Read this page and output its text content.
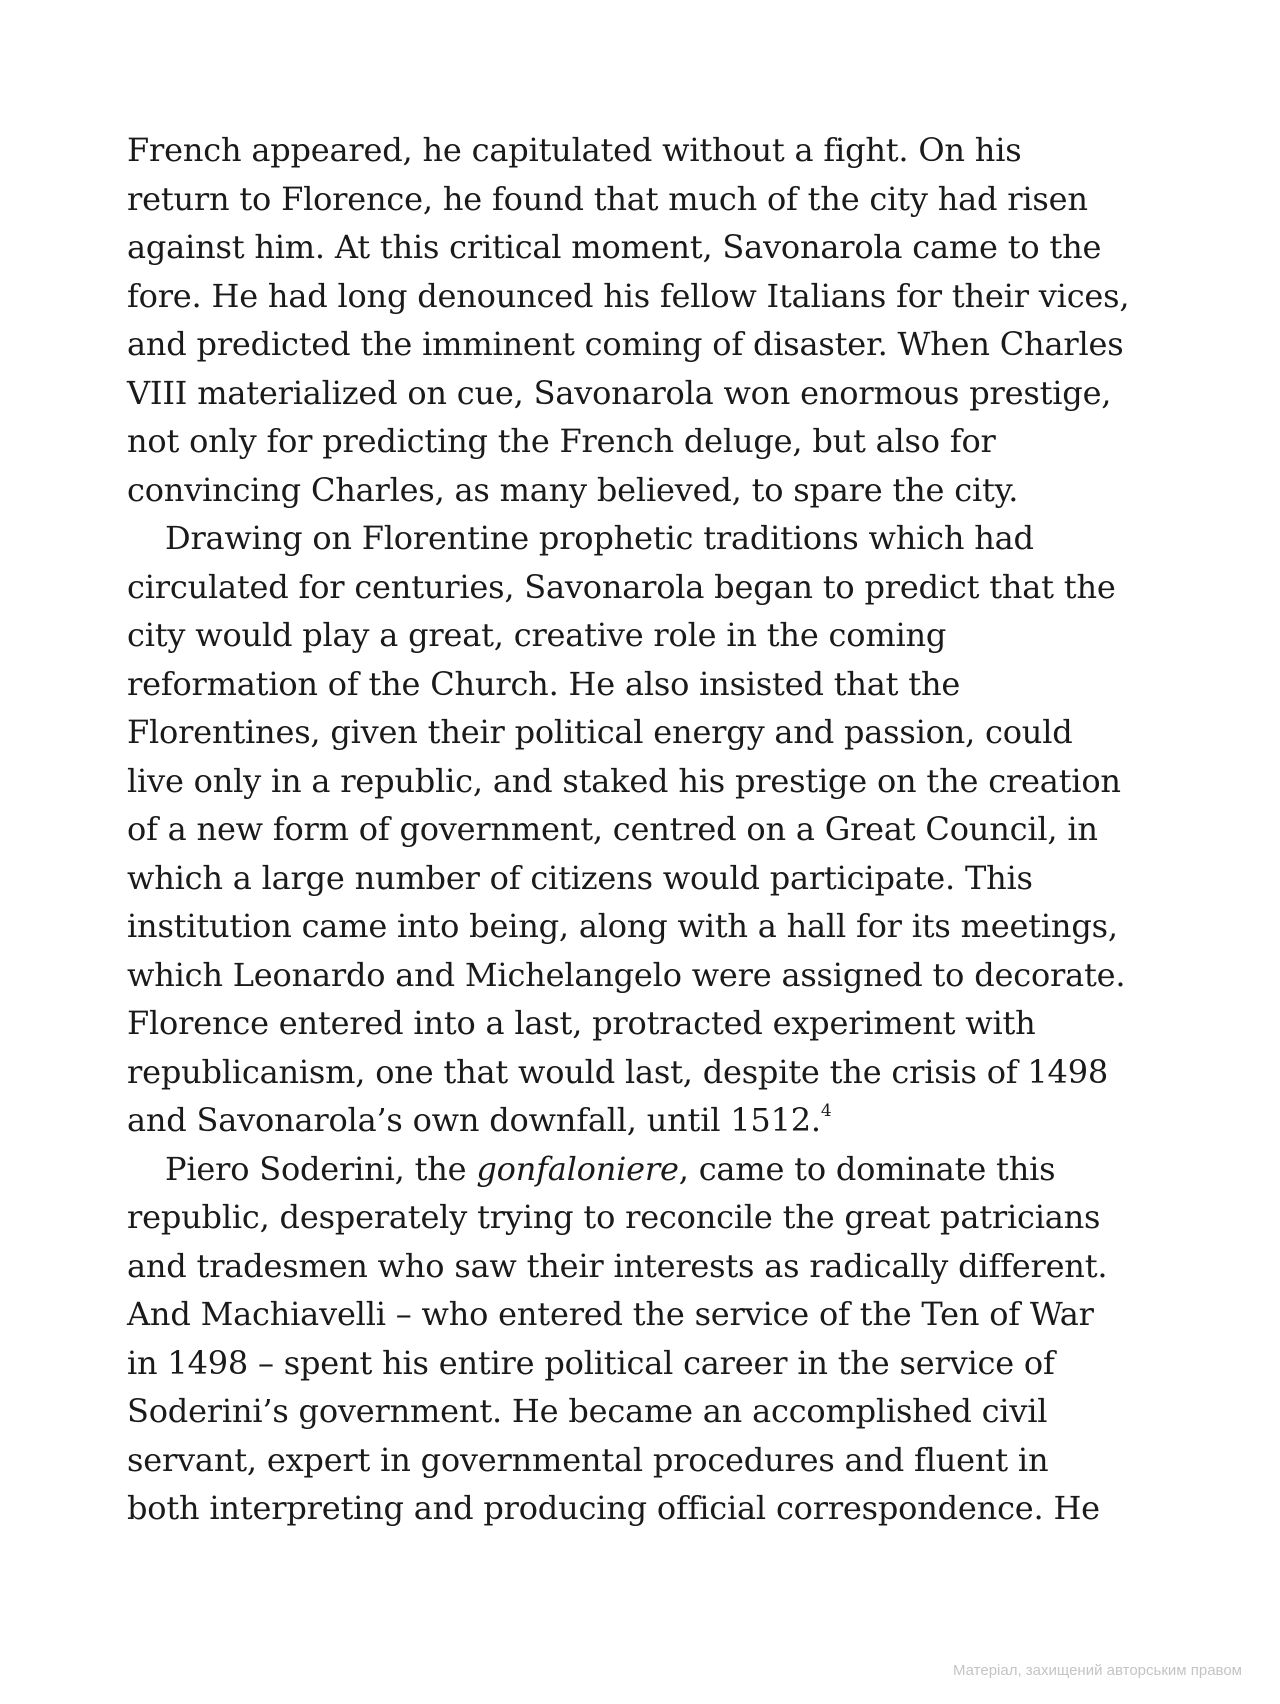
French appeared, he capitulated without a fight. On his
return to Florence, he found that much of the city had risen
against him. At this critical moment, Savonarola came to the
fore. He had long denounced his fellow Italians for their vices,
and predicted the imminent coming of disaster. When Charles
VIII materialized on cue, Savonarola won enormous prestige,
not only for predicting the French deluge, but also for
convincing Charles, as many believed, to spare the city.
Drawing on Florentine prophetic traditions which had
circulated for centuries, Savonarola began to predict that the
city would play a great, creative role in the coming
reformation of the Church. He also insisted that the
Florentines, given their political energy and passion, could
live only in a republic, and staked his prestige on the creation
of a new form of government, centred on a Great Council, in
which a large number of citizens would participate. This
institution came into being, along with a hall for its meetings,
which Leonardo and Michelangelo were assigned to decorate.
Florence entered into a last, protracted experiment with
republicanism, one that would last, despite the crisis of 1498
and Savonarola’s own downfall, until 1512.$^4$
Piero Soderini, the gonfaloniere, came to dominate this
republic, desperately trying to reconcile the great patricians
and tradesmen who saw their interests as radically different.
And Machiavelli – who entered the service of the Ten of War
in 1498 – spent his entire political career in the service of
Soderini’s government. He became an accomplished civil
servant, expert in governmental procedures and fluent in
both interpreting and producing official correspondence. He
Матеріал, захищений авторським правом
